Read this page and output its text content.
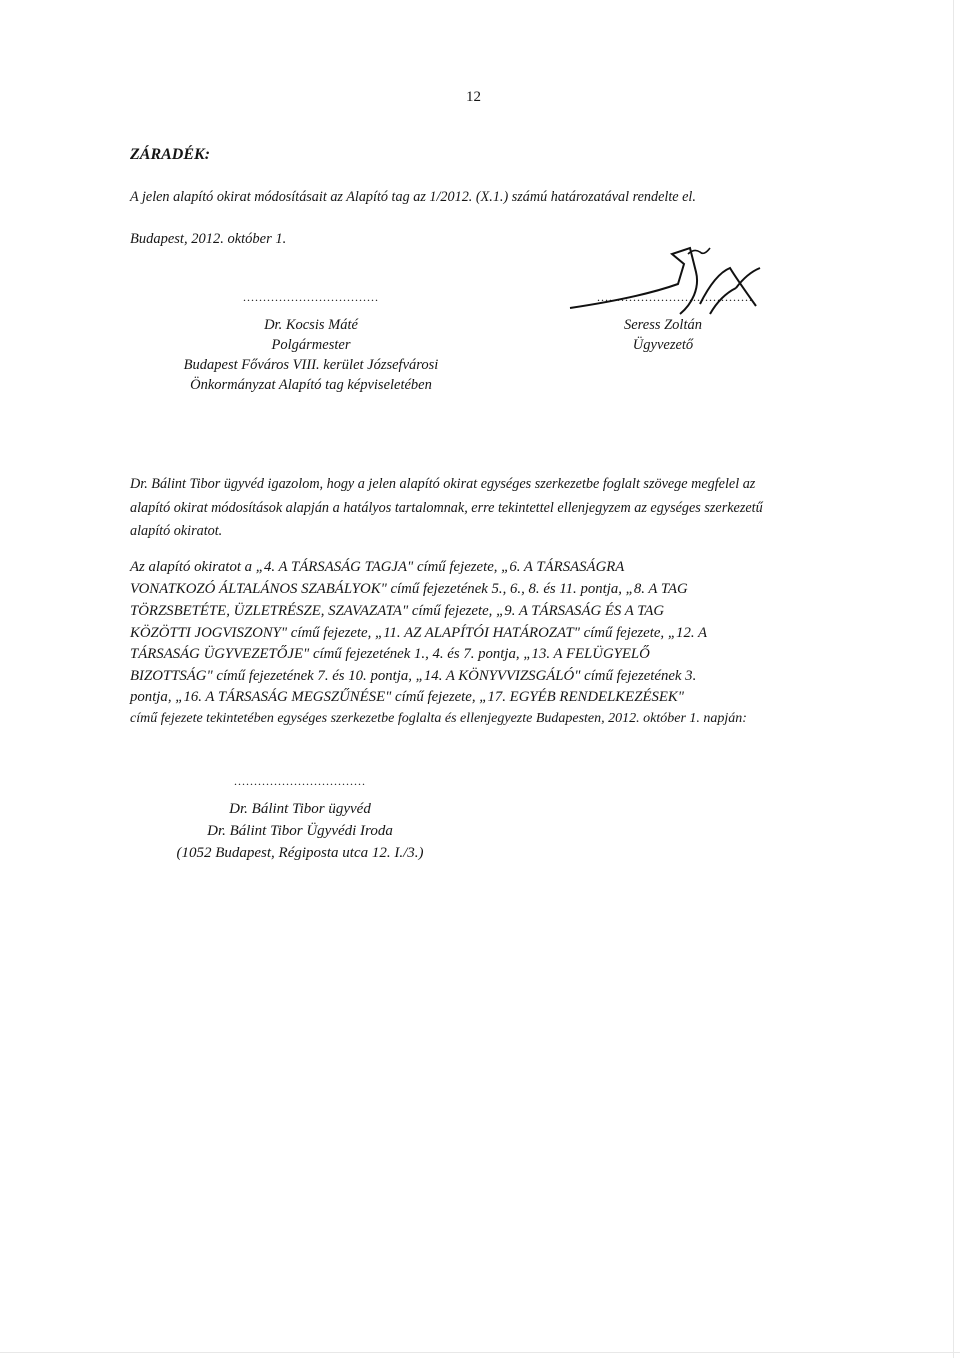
12
ZÁRADÉK:
A jelen alapító okirat módosításait az Alapító tag az 1/2012. (X.1.) számú határozatával rendelte el.
Budapest, 2012. október 1.
..................................
Dr. Kocsis Máté
Polgármester
Budapest Főváros VIII. kerület Józsefvárosi
Önkormányzat Alapító tag képviseletében
.......................................
Seress Zoltán
Ügyvezető
Dr. Bálint Tibor ügyvéd igazolom, hogy a jelen alapító okirat egységes szerkezetbe foglalt szövege megfelel az
alapító okirat módosítások alapján a hatályos tartalomnak, erre tekintettel ellenjegyzem az egységes szerkezetű
alapító okiratot.
Az alapító okiratot a „4. A TÁRSASÁG TAGJA" című fejezete, „6. A TÁRSASÁGRA
VONATKOZÓ ÁLTALÁNOS SZABÁLYOK" című fejezetének 5., 6., 8. és 11. pontja, „8. A TAG
TÖRZSBETÉTE, ÜZLETRÉSZE, SZAVAZATA" című fejezete, „9. A TÁRSASÁG ÉS A TAG
KÖZÖTTI JOGVISZONY" című fejezete, „11. AZ ALAPÍTÓI HATÁROZAT" című fejezete, „12. A
TÁRSASÁG ÜGYVEZETŐJE" című fejezetének 1., 4. és 7. pontja, „13. A FELÜGYELŐ
BIZOTTSÁG" című fejezetének 7. és 10. pontja, „14. A KÖNYVVIZSGÁLÓ" című fejezetének 3.
pontja, „16. A TÁRSASÁG MEGSZŰNÉSE" című fejezete, „17. EGYÉB RENDELKEZÉSEK"
című fejezete tekintetében egységes szerkezetbe foglalta és ellenjegyezte Budapesten, 2012. október 1. napján:
.................................
Dr. Bálint Tibor ügyvéd
Dr. Bálint Tibor Ügyvédi Iroda
(1052 Budapest, Régiposta utca 12. I./3.)
